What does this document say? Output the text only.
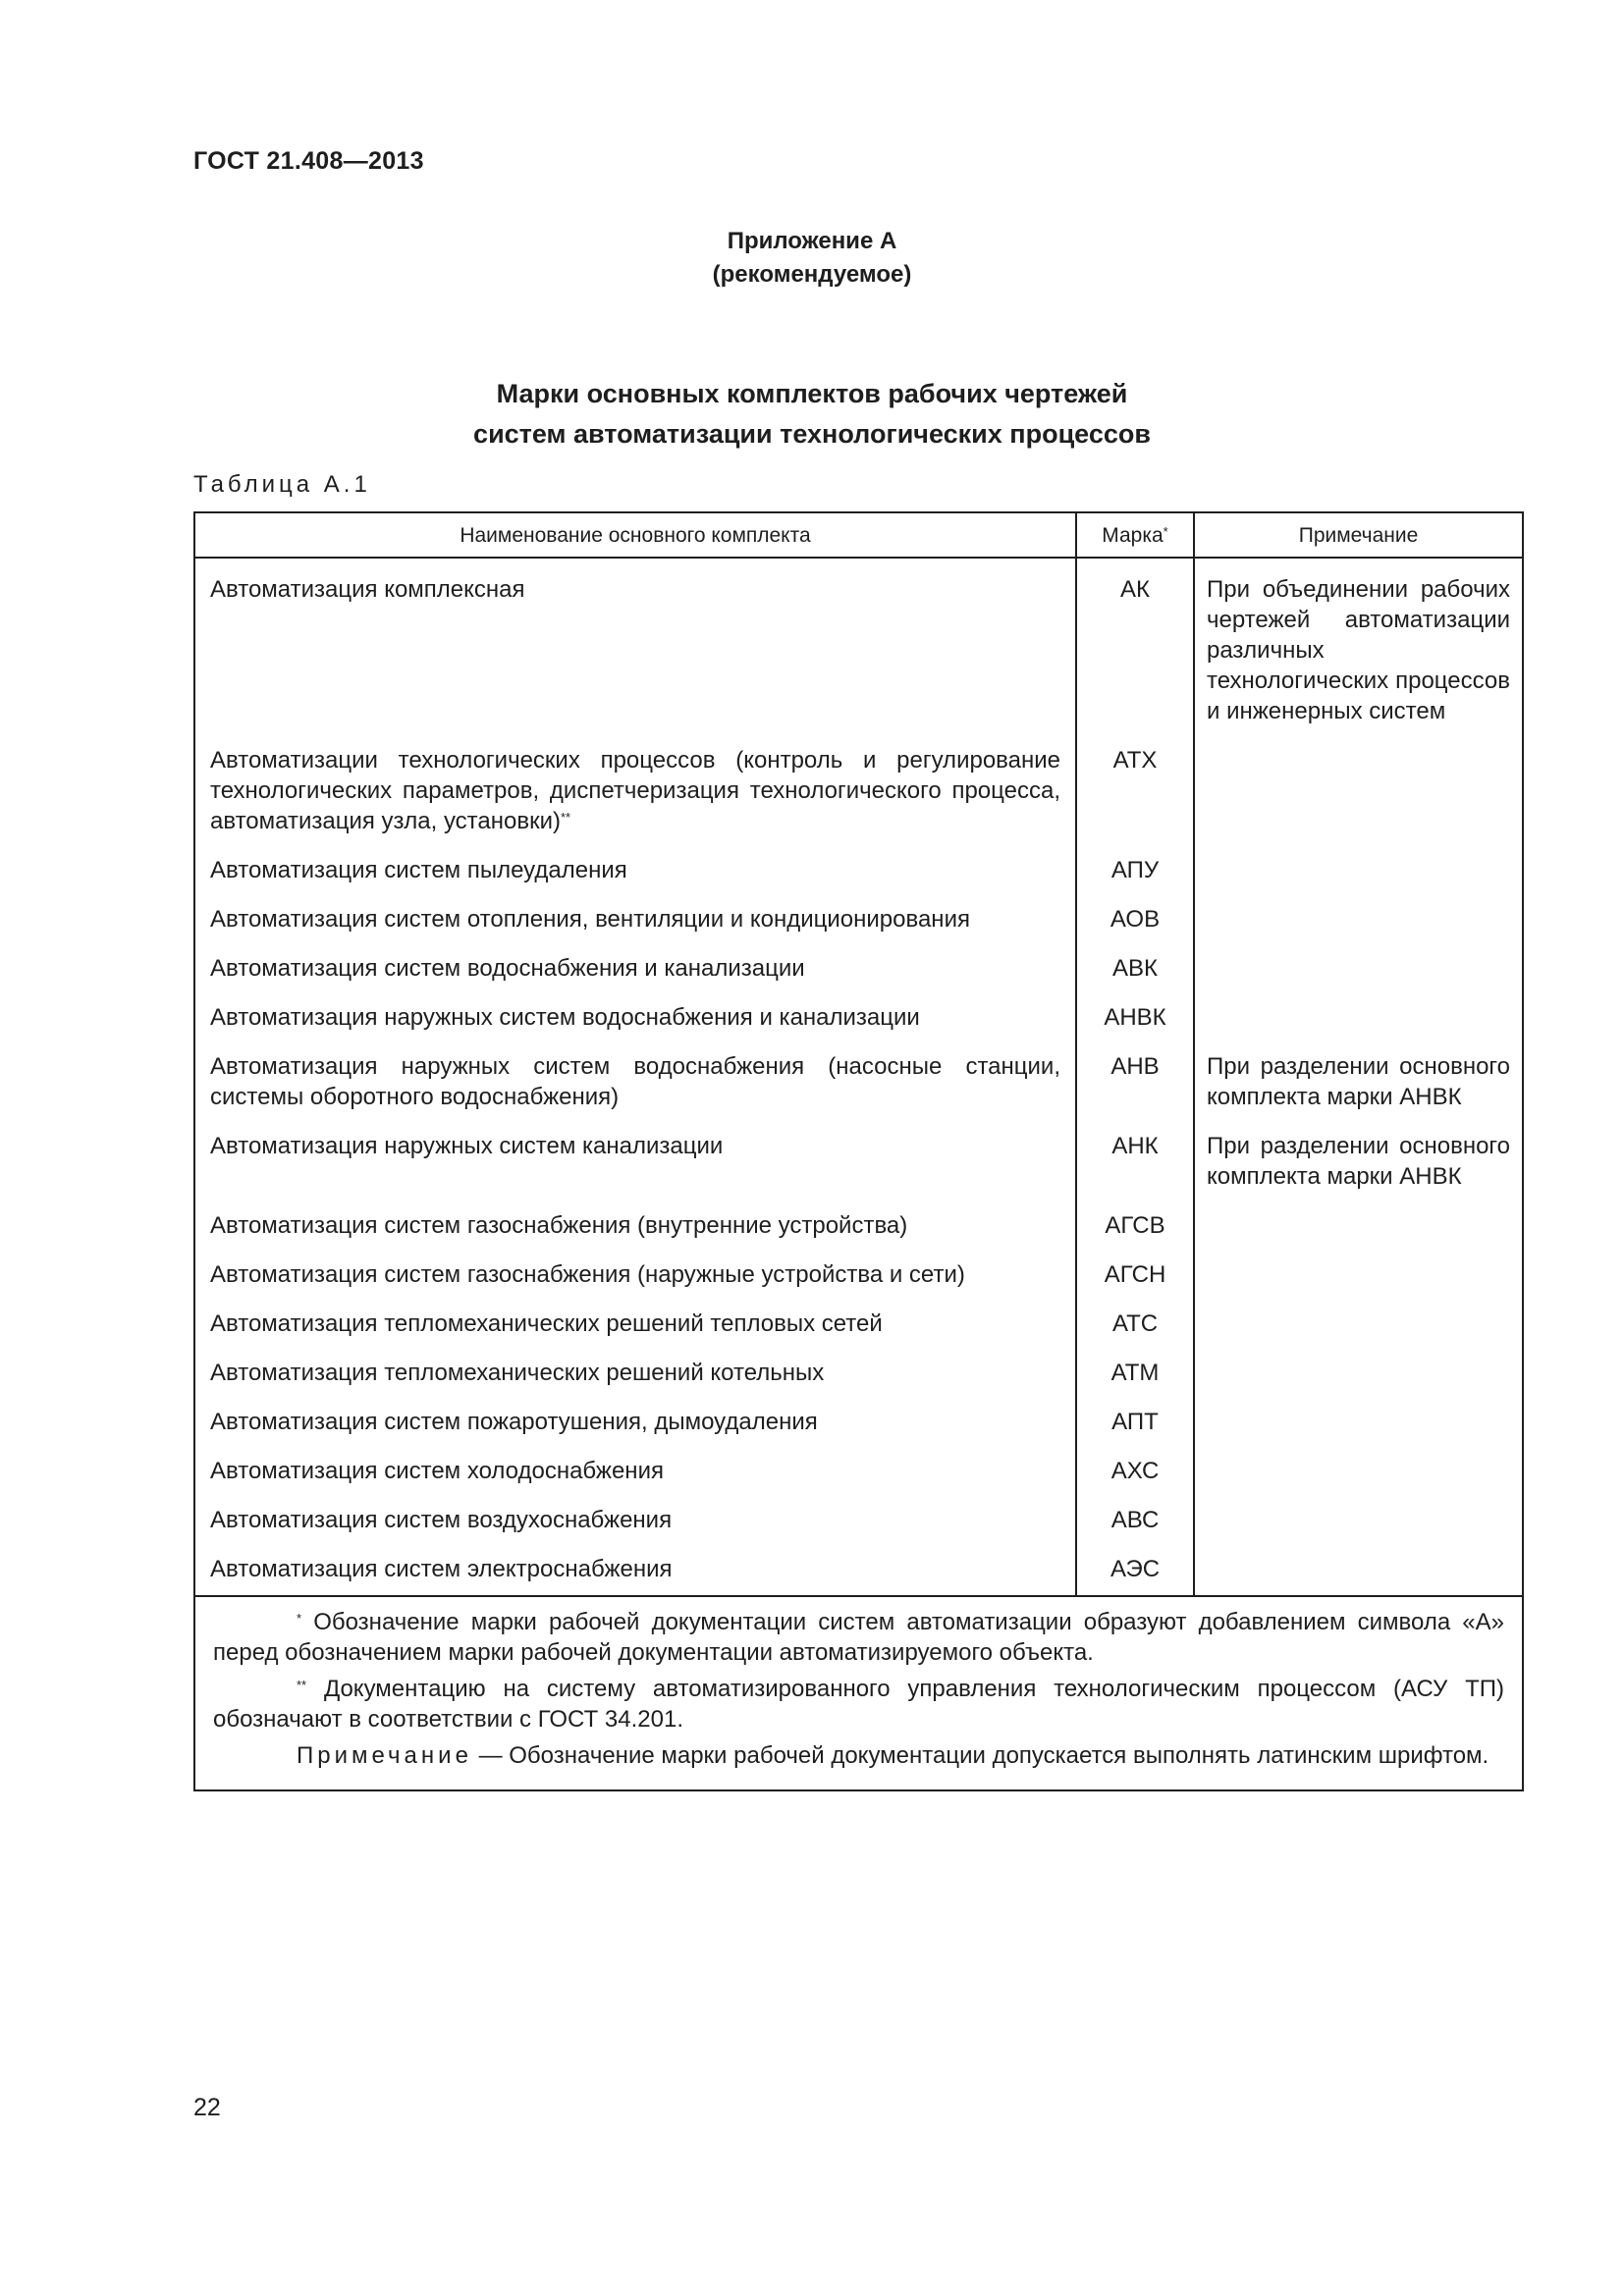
ГОСТ 21.408—2013
Приложение А
(рекомендуемое)
Марки основных комплектов рабочих чертежей
систем автоматизации технологических процессов
Таблица А.1
Наименование основного комплекта	Марка*	Примечание
Автоматизация комплексная	АК	При объединении рабочих чертежей автоматизации различных технологических процессов и инженерных систем
Автоматизации технологических процессов (контроль и регулирование технологических параметров, диспетчеризация технологического процесса, автоматизация узла, установки)**	АТХ	
Автоматизация систем пылеудаления	АПУ	
Автоматизация систем отопления, вентиляции и кондиционирования	АОВ	
Автоматизация систем водоснабжения и канализации	АВК	
Автоматизация наружных систем водоснабжения и канализации	АНВК	
Автоматизация наружных систем водоснабжения (насосные станции, системы оборотного водоснабжения)	АНВ	При разделении основного комплекта марки АНВК
Автоматизация наружных систем канализации	АНК	При разделении основного комплекта марки АНВК
Автоматизация систем газоснабжения (внутренние устройства)	АГСВ	
Автоматизация систем газоснабжения (наружные устройства и сети)	АГСН	
Автоматизация тепломеханических решений тепловых сетей	АТС	
Автоматизация тепломеханических решений котельных	АТМ	
Автоматизация систем пожаротушения, дымоудаления	АПТ	
Автоматизация систем холодоснабжения	АХС	
Автоматизация систем воздухоснабжения	АВС	
Автоматизация систем электроснабжения	АЭС	

* Обозначение марки рабочей документации систем автоматизации образуют добавлением символа «А» перед обозначением марки рабочей документации автоматизируемого объекта.

** Документацию на систему автоматизированного управления технологическим процессом (АСУ ТП) обозначают в соответствии с ГОСТ 34.201.

Примечание — Обозначение марки рабочей документации допускается выполнять латинским шрифтом.		

22
